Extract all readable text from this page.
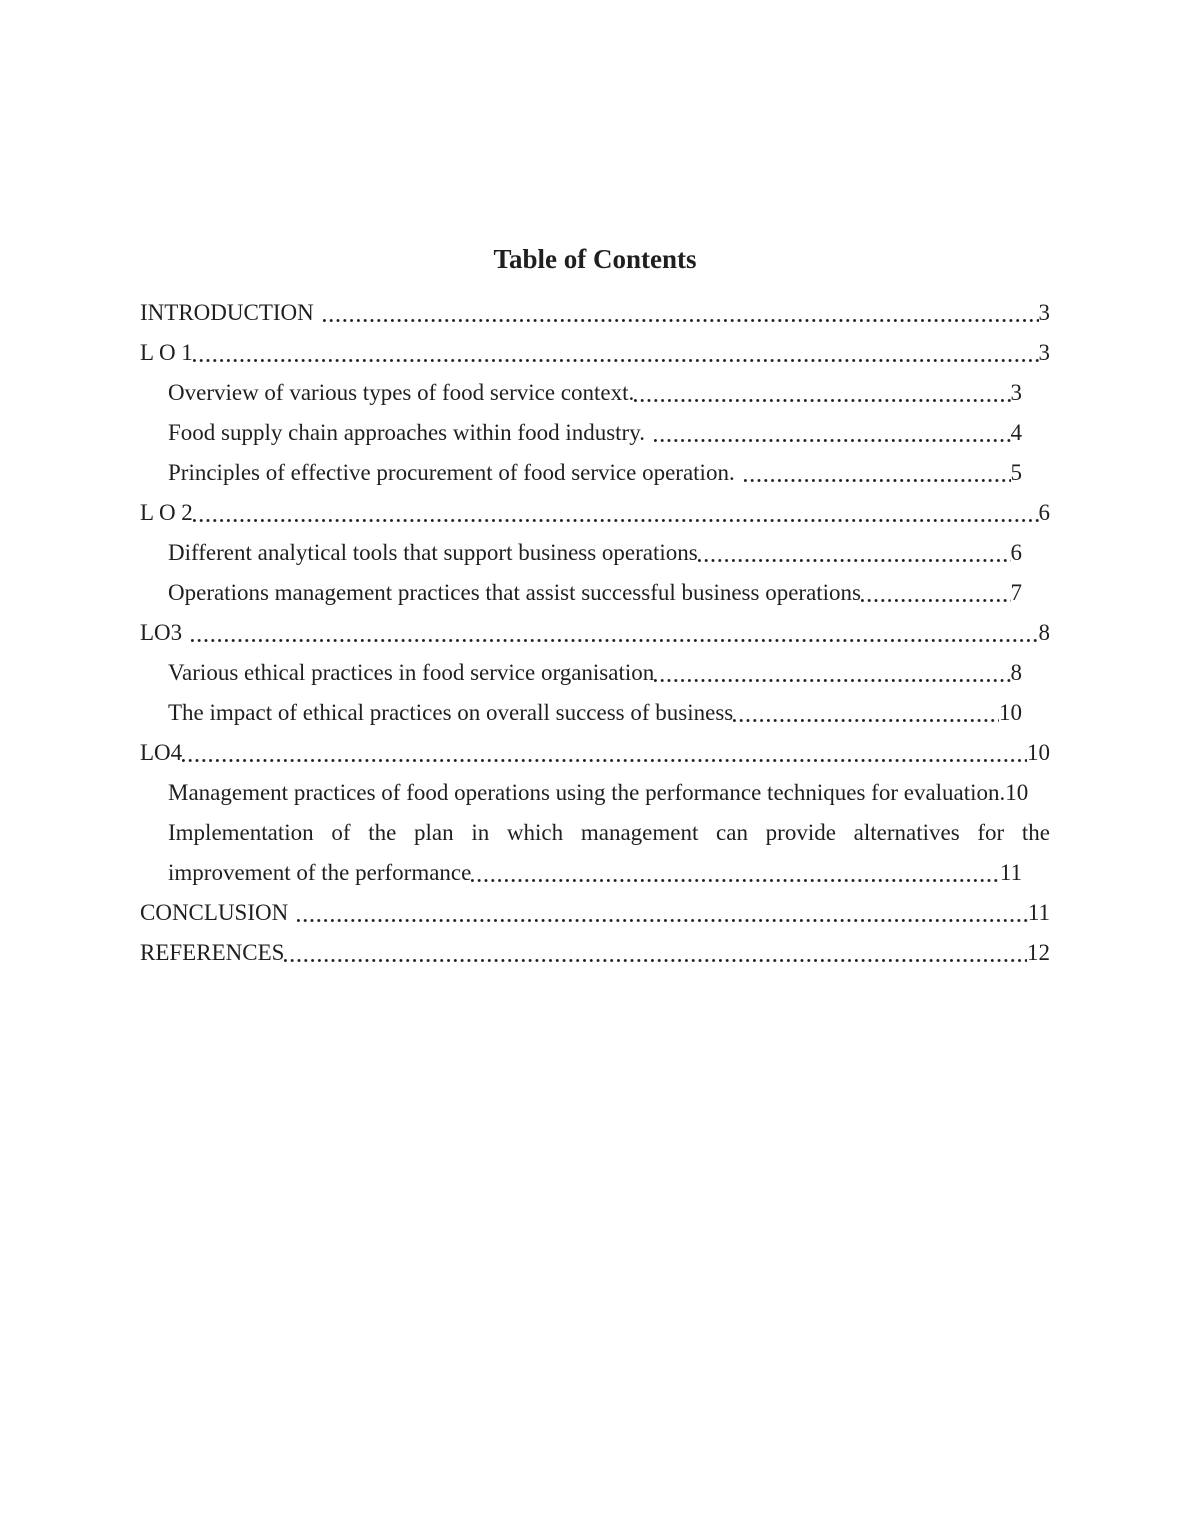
Table of Contents
INTRODUCTION	3
L O 1	3
Overview of various types of food service context.	3
Food supply chain approaches within food industry.	4
Principles of effective procurement of food service operation.	5
L O 2	6
Different analytical tools that support business operations	6
Operations management practices that assist successful business operations	7
LO3	8
Various ethical practices in food service organisation	8
The impact of ethical practices on overall success of business	10
LO4	10
Management practices of food operations using the performance techniques for evaluation.10
Implementation of the plan in which management can provide alternatives for the
improvement of the performance	11
CONCLUSION	11
REFERENCES	12
